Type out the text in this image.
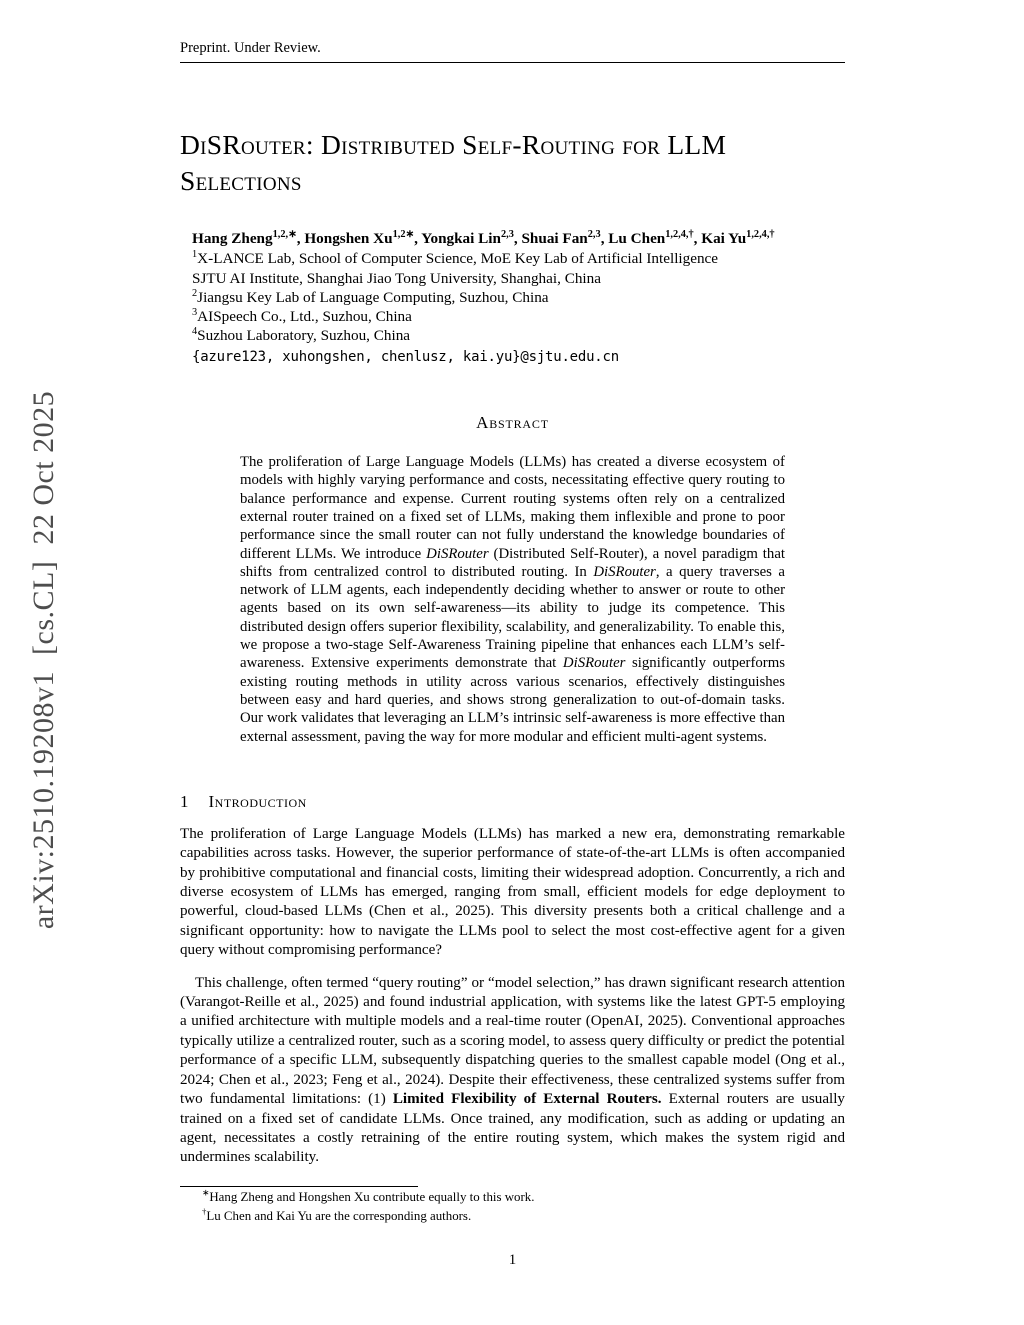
arXiv:2510.19208v1  [cs.CL]  22 Oct 2025
Preprint. Under Review.
DiSRouter: Distributed Self-Routing for LLM Selections
Hang Zheng$^{1,2,∗}$, Hongshen $Xu^{1,2∗}$, Yongkai Lin$^{2,3}$, Shuai Fan$^{2,3}$, Lu Chen$^{1,2,4,\dagger}$, Kai $Yu^{1,2,4,\dagger}$
$^1$X-LANCE Lab, School of Computer Science, MoE Key Lab of Artificial Intelligence
SJTU AI Institute, Shanghai Jiao Tong University, Shanghai, China
$^2$Jiangsu Key Lab of Language Computing, Suzhou, China
$^3$AISpeech Co., Ltd., Suzhou, China
$^4$Suzhou Laboratory, Suzhou, China
{azure123, xuhongshen, chenlusz, kai.yu}@sjtu.edu.cn
Abstract
The proliferation of Large Language Models (LLMs) has created a diverse ecosystem of models with highly varying performance and costs, necessitating effective query routing to balance performance and expense. Current routing systems often rely on a centralized external router trained on a fixed set of LLMs, making them inflexible and prone to poor performance since the small router can not fully understand the knowledge boundaries of different LLMs. We introduce DiSRouter (Distributed Self-Router), a novel paradigm that shifts from centralized control to distributed routing. In DiSRouter, a query traverses a network of LLM agents, each independently deciding whether to answer or route to other agents based on its own self-awareness—its ability to judge its competence. This distributed design offers superior flexibility, scalability, and generalizability. To enable this, we propose a two-stage Self-Awareness Training pipeline that enhances each LLM’s self-awareness. Extensive experiments demonstrate that DiSRouter significantly outperforms existing routing methods in utility across various scenarios, effectively distinguishes between easy and hard queries, and shows strong generalization to out-of-domain tasks. Our work validates that leveraging an LLM’s intrinsic self-awareness is more effective than external assessment, paving the way for more modular and efficient multi-agent systems.
1 Introduction
The proliferation of Large Language Models (LLMs) has marked a new era, demonstrating remarkable capabilities across tasks. However, the superior performance of state-of-the-art LLMs is often accompanied by prohibitive computational and financial costs, limiting their widespread adoption. Concurrently, a rich and diverse ecosystem of LLMs has emerged, ranging from small, efficient models for edge deployment to powerful, cloud-based LLMs (Chen et al., 2025). This diversity presents both a critical challenge and a significant opportunity: how to navigate the LLMs pool to select the most cost-effective agent for a given query without compromising performance?
This challenge, often termed “query routing” or “model selection,” has drawn significant research attention (Varangot-Reille et al., 2025) and found industrial application, with systems like the latest GPT-5 employing a unified architecture with multiple models and a real-time router (OpenAI, 2025). Conventional approaches typically utilize a centralized router, such as a scoring model, to assess query difficulty or predict the potential performance of a specific LLM, subsequently dispatching queries to the smallest capable model (Ong et al., 2024; Chen et al., 2023; Feng et al., 2024). Despite their effectiveness, these centralized systems suffer from two fundamental limitations: (1) Limited Flexibility of External Routers. External routers are usually trained on a fixed set of candidate LLMs. Once trained, any modification, such as adding or updating an agent, necessitates a costly retraining of the entire routing system, which makes the system rigid and undermines scalability.
∗Hang Zheng and Hongshen Xu contribute equally to this work.
†Lu Chen and Kai Yu are the corresponding authors.
1
